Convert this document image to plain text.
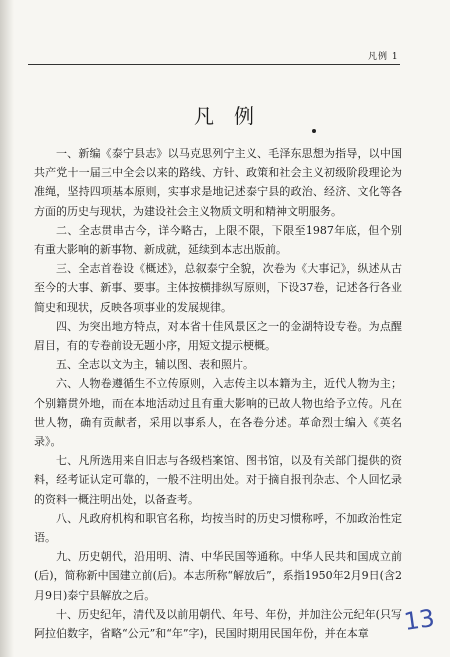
凡例 1
凡例

一、新编《泰宁县志》以马克思列宁主义、毛泽东思想为指导，以中国共产党十一届三中全会以来的路线、方针、政策和社会主义初级阶段理论为准绳，坚持四项基本原则，实事求是地记述泰宁县的政治、经济、文化等各方面的历史与现状，为建设社会主义物质文明和精神文明服务。

二、全志贯串古今，详今略古，上限不限，下限至1987年底，但个别有重大影响的新事物、新成就，延续到本志出版前。

三、全志首卷设《概述》，总叙泰宁全貌，次卷为《大事记》，纵述从古至今的大事、新事、要事。主体按横排纵写原则，下设37卷，记述各行各业简史和现状，反映各项事业的发展规律。

四、为突出地方特点，对本省十佳风景区之一的金湖特设专卷。为点醒眉目，有的专卷前设无题小序，用短文提示梗概。

五、全志以文为主，辅以图、表和照片。

六、人物卷遵循生不立传原则，入志传主以本籍为主，近代人物为主；个别籍贯外地，而在本地活动过且有重大影响的已故人物也给予立传。凡在世人物，确有贡献者，采用以事系人，在各卷分述。革命烈士编入《英名录》。

七、凡所选用来自旧志与各级档案馆、图书馆，以及有关部门提供的资料，经考证认定可靠的，一般不注明出处。对于摘自报刊杂志、个人回忆录的资料一概注明出处，以备查考。

八、凡政府机构和职官名称，均按当时的历史习惯称呼，不加政治性定语。

九、历史朝代，沿用明、清、中华民国等通称。中华人民共和国成立前(后)，简称新中国建立前(后)。本志所称“解放后”，系指1950年2月9日(含2月9日)泰宁县解放之后。

十、历史纪年，清代及以前用朝代、年号、年份，并加注公元纪年(只写阿拉伯数字，省略“公元”和“年”字)，民国时期用民国年份，并在本章	13
